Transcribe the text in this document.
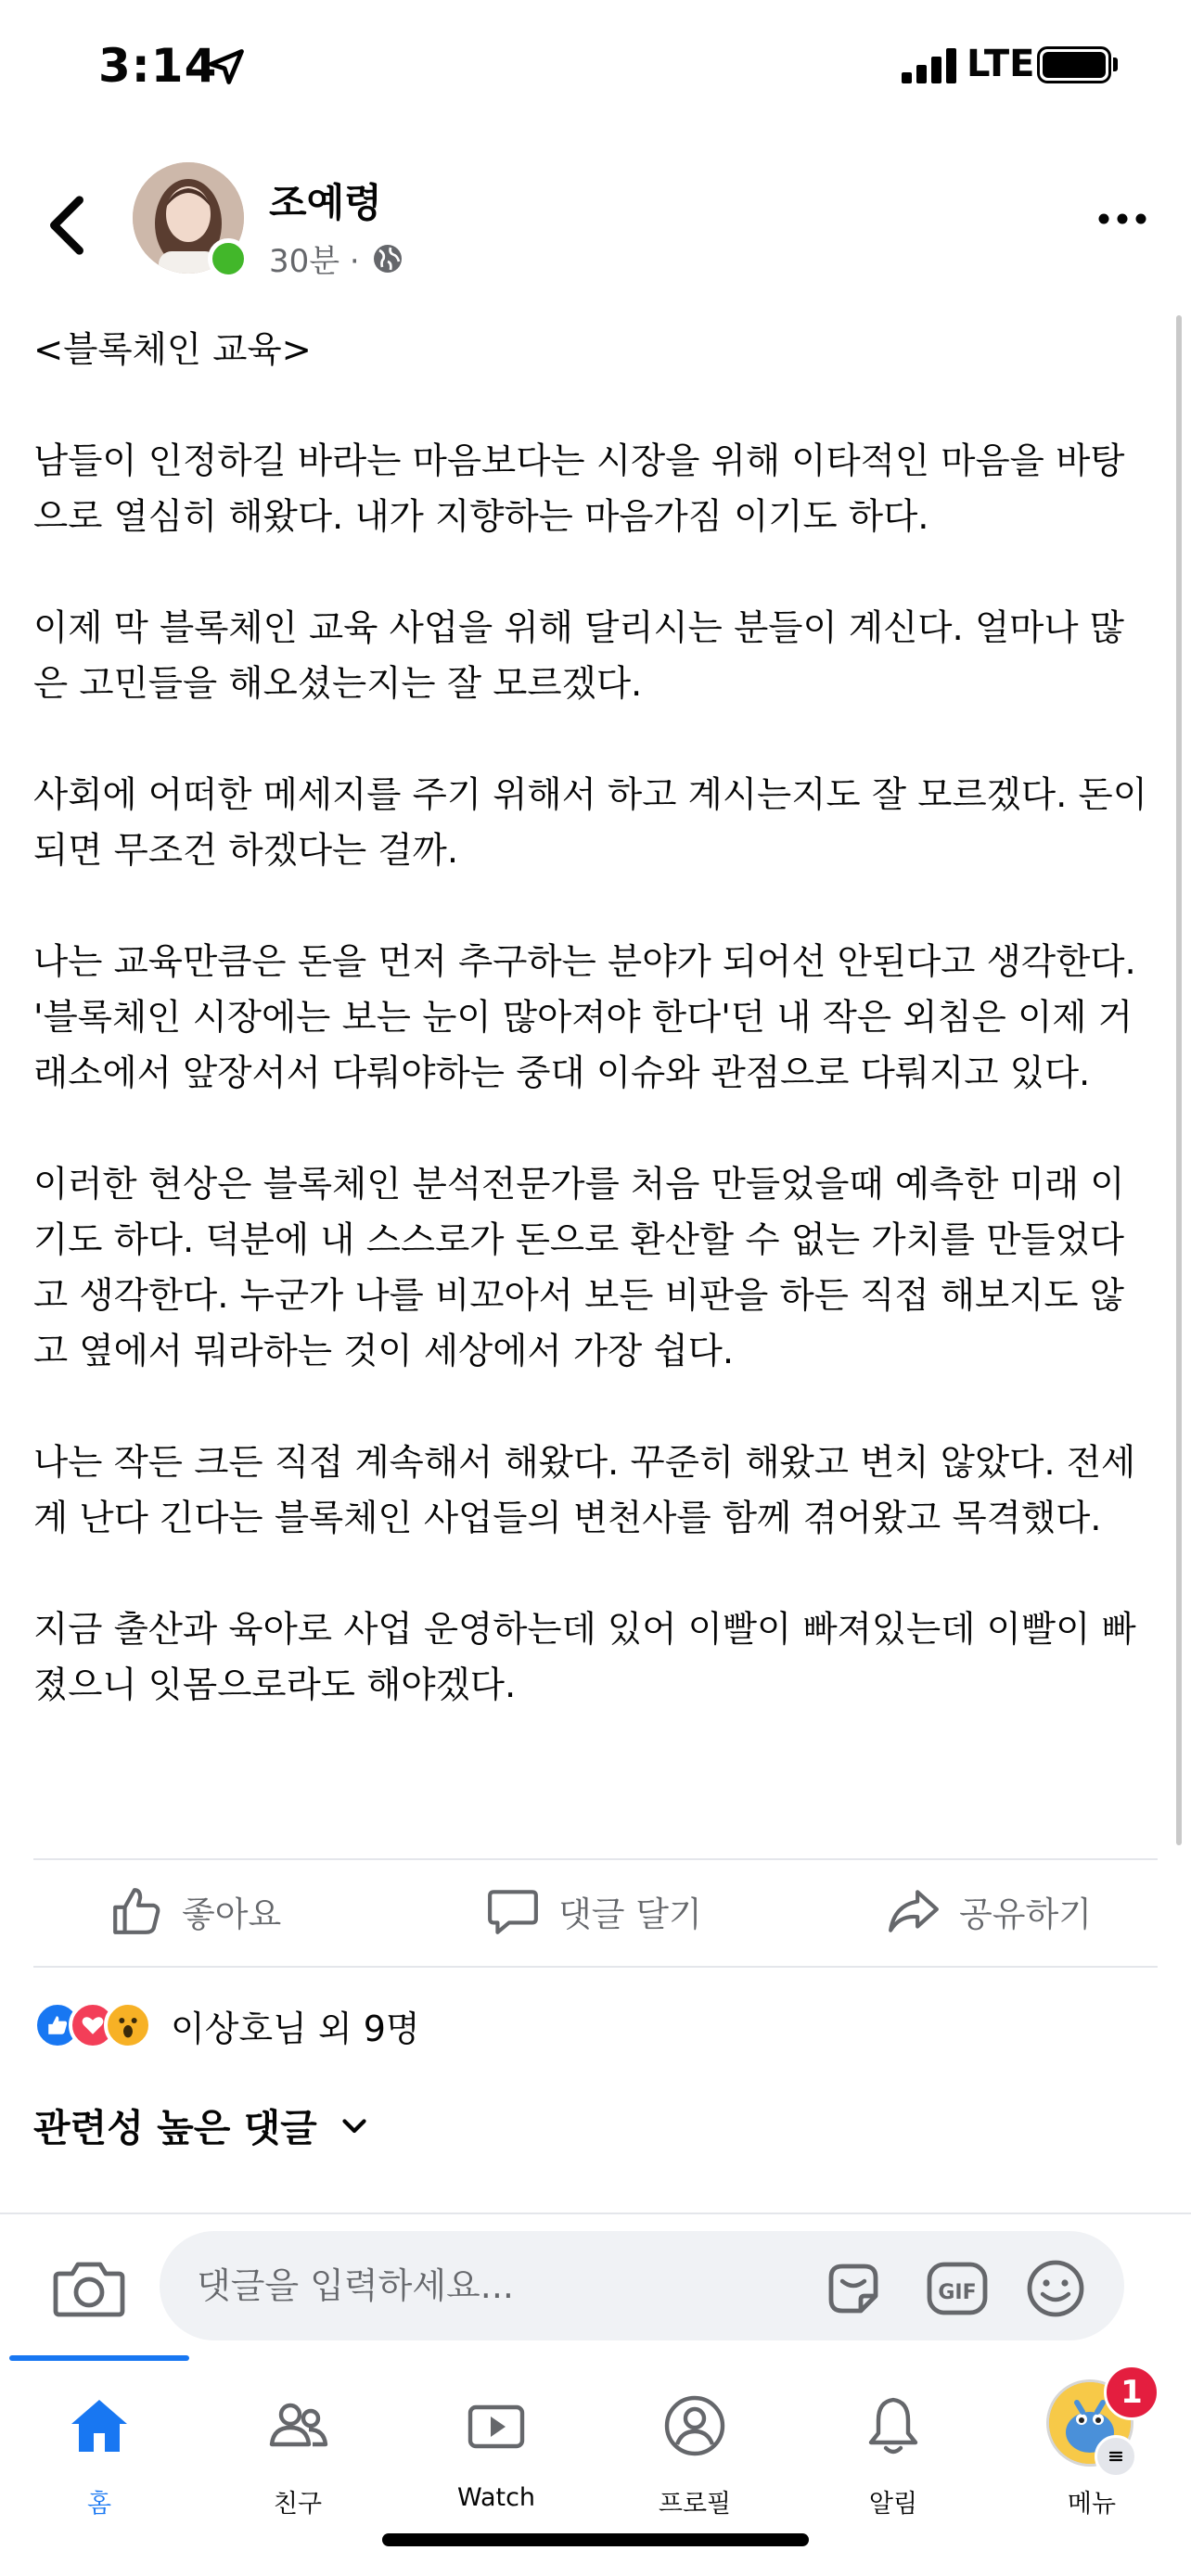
3:14	LTE
조예령
30분 ·

<블록체인 교육>

남들이 인정하길 바라는 마음보다는 시장을 위해 이타적인 마음을 바탕으로 열심히 해왔다. 내가 지향하는 마음가짐 이기도 하다.

이제 막 블록체인 교육 사업을 위해 달리시는 분들이 계신다. 얼마나 많은 고민들을 해오셨는지는 잘 모르겠다.

사회에 어떠한 메세지를 주기 위해서 하고 계시는지도 잘 모르겠다. 돈이 되면 무조건 하겠다는 걸까.

나는 교육만큼은 돈을 먼저 추구하는 분야가 되어선 안된다고 생각한다. '블록체인 시장에는 보는 눈이 많아져야 한다'던 내 작은 외침은 이제 거래소에서 앞장서서 다뤄야하는 중대 이슈와 관점으로 다뤄지고 있다.

이러한 현상은 블록체인 분석전문가를 처음 만들었을때 예측한 미래 이기도 하다. 덕분에 내 스스로가 돈으로 환산할 수 없는 가치를 만들었다고 생각한다. 누군가 나를 비꼬아서 보든 비판을 하든 직접 해보지도 않고 옆에서 뭐라하는 것이 세상에서 가장 쉽다.

나는 작든 크든 직접 계속해서 해왔다. 꾸준히 해왔고 변치 않았다. 전세계 난다 긴다는 블록체인 사업들의 변천사를 함께 겪어왔고 목격했다.

지금 출산과 육아로 사업 운영하는데 있어 이빨이 빠져있는데 이빨이 빠졌으니 잇몸으로라도 해야겠다.

좋아요	댓글 달기	공유하기
이상호님 외 9명
관련성 높은 댓글
댓글을 입력하세요...
GIF
홈	친구	Watch	프로필	알림	메뉴
1
